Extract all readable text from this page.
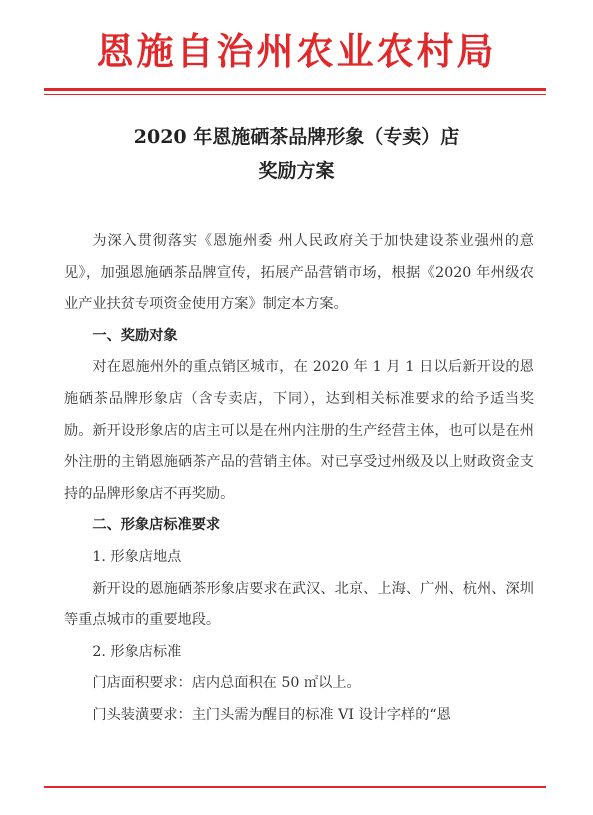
恩施自治州农业农村局
2020 年恩施硒茶品牌形象（专卖）店
奖励方案

为深入贯彻落实《恩施州委 州人民政府关于加快建设茶业强州的意见》，加强恩施硒茶品牌宣传，拓展产品营销市场，根据《2020 年州级农业产业扶贫专项资金使用方案》制定本方案。

一、奖励对象

对在恩施州外的重点销区城市，在 2020 年 1 月 1 日以后新开设的恩施硒茶品牌形象店（含专卖店，下同），达到相关标准要求的给予适当奖励。新开设形象店的店主可以是在州内注册的生产经营主体，也可以是在州外注册的主销恩施硒茶产品的营销主体。对已享受过州级及以上财政资金支持的品牌形象店不再奖励。

二、形象店标准要求

1. 形象店地点

新开设的恩施硒茶形象店要求在武汉、北京、上海、广州、杭州、深圳等重点城市的重要地段。

2. 形象店标准

门店面积要求：店内总面积在 50 ㎡以上。

门头装潢要求：主门头需为醒目的标准 VI 设计字样的“恩
